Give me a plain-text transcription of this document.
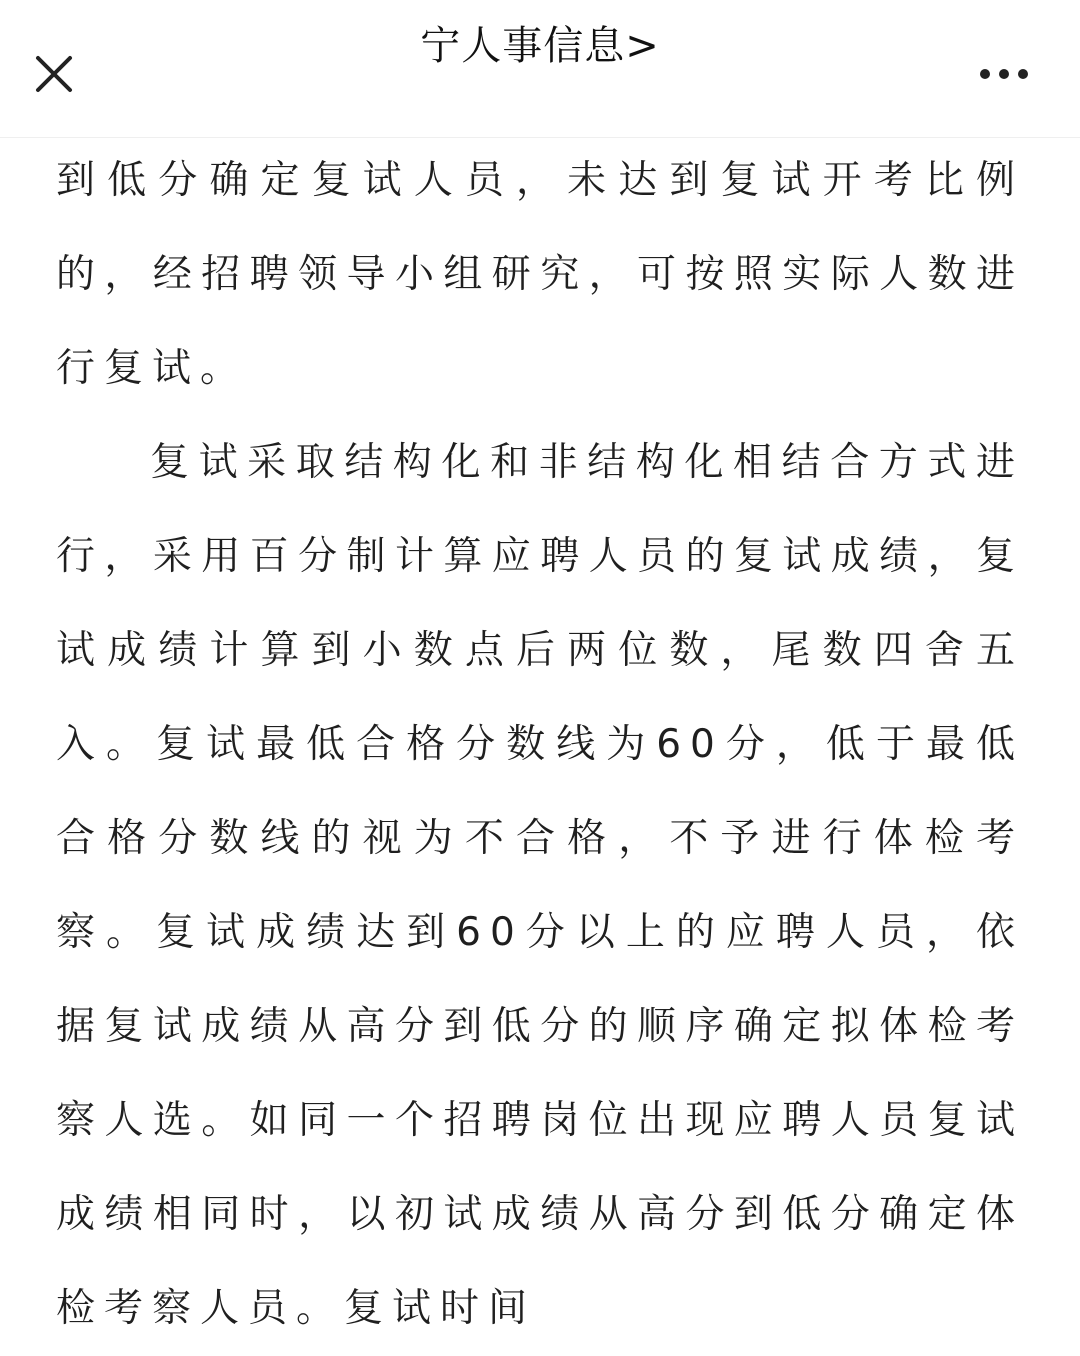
宁人事信息>

到低分确定复试人员，未达到复试开考比例的，经招聘领导小组研究，可按照实际人数进行复试。

复试采取结构化和非结构化相结合方式进行，采用百分制计算应聘人员的复试成绩，复试成绩计算到小数点后两位数，尾数四舍五入。复试最低合格分数线为60分，低于最低合格分数线的视为不合格，不予进行体检考察。复试成绩达到60分以上的应聘人员，依据复试成绩从高分到低分的顺序确定拟体检考察人选。如同一个招聘岗位出现应聘人员复试成绩相同时，以初试成绩从高分到低分确定体检考察人员。复试时间
